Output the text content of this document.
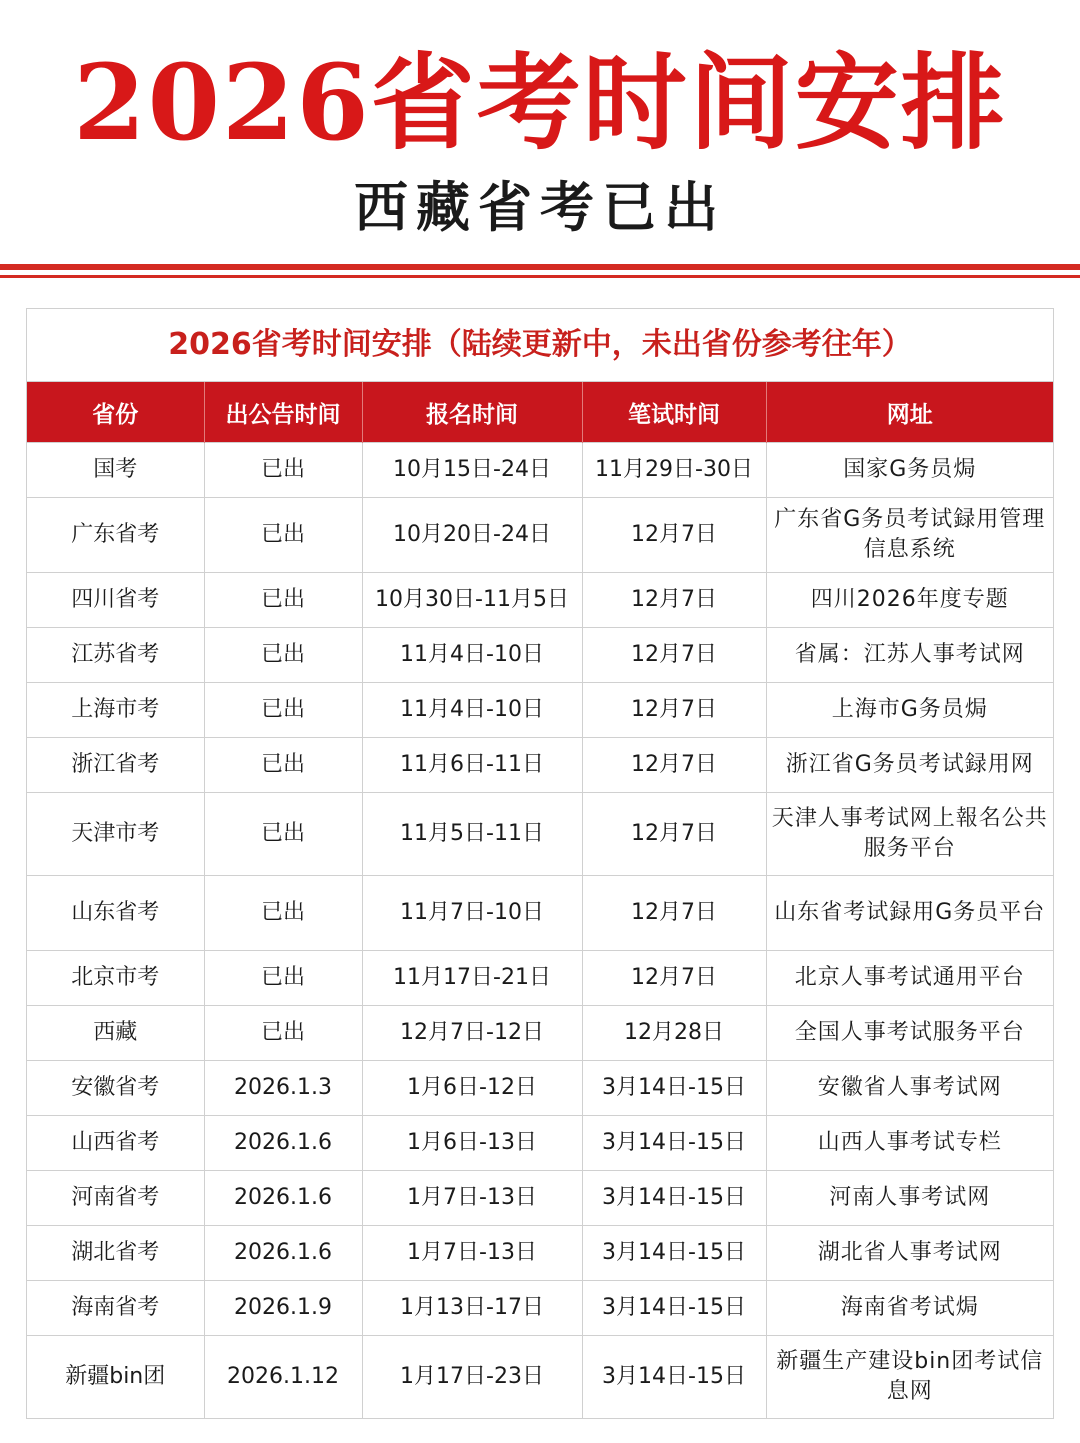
2026省考时间安排
西藏省考已出
2026省考时间安排（陆续更新中，未出省份参考往年）
省份	出公告时间	报名时间	笔试时间	网址
国考	已出	10月15日-24日	11月29日-30日	国家G务员焗
广东省考	已出	10月20日-24日	12月7日	广东省G务员考试録用管理信息系统
四川省考	已出	10月30日-11月5日	12月7日	四川2026年度专题
江苏省考	已出	11月4日-10日	12月7日	省属：江苏人事考试网
上海市考	已出	11月4日-10日	12月7日	上海市G务员焗
浙江省考	已出	11月6日-11日	12月7日	浙江省G务员考试録用网
天津市考	已出	11月5日-11日	12月7日	天津人事考试网上報名公共服务平台
山东省考	已出	11月7日-10日	12月7日	山东省考试録用G务员平台
北京市考	已出	11月17日-21日	12月7日	北京人事考试通用平台
西藏	已出	12月7日-12日	12月28日	全国人事考试服务平台
安徽省考	2026.1.3	1月6日-12日	3月14日-15日	安徽省人事考试网
山西省考	2026.1.6	1月6日-13日	3月14日-15日	山西人事考试专栏
河南省考	2026.1.6	1月7日-13日	3月14日-15日	河南人事考试网
湖北省考	2026.1.6	1月7日-13日	3月14日-15日	湖北省人事考试网
海南省考	2026.1.9	1月13日-17日	3月14日-15日	海南省考试焗
新疆bin团	2026.1.12	1月17日-23日	3月14日-15日	新疆生产建设bin团考试信息网
